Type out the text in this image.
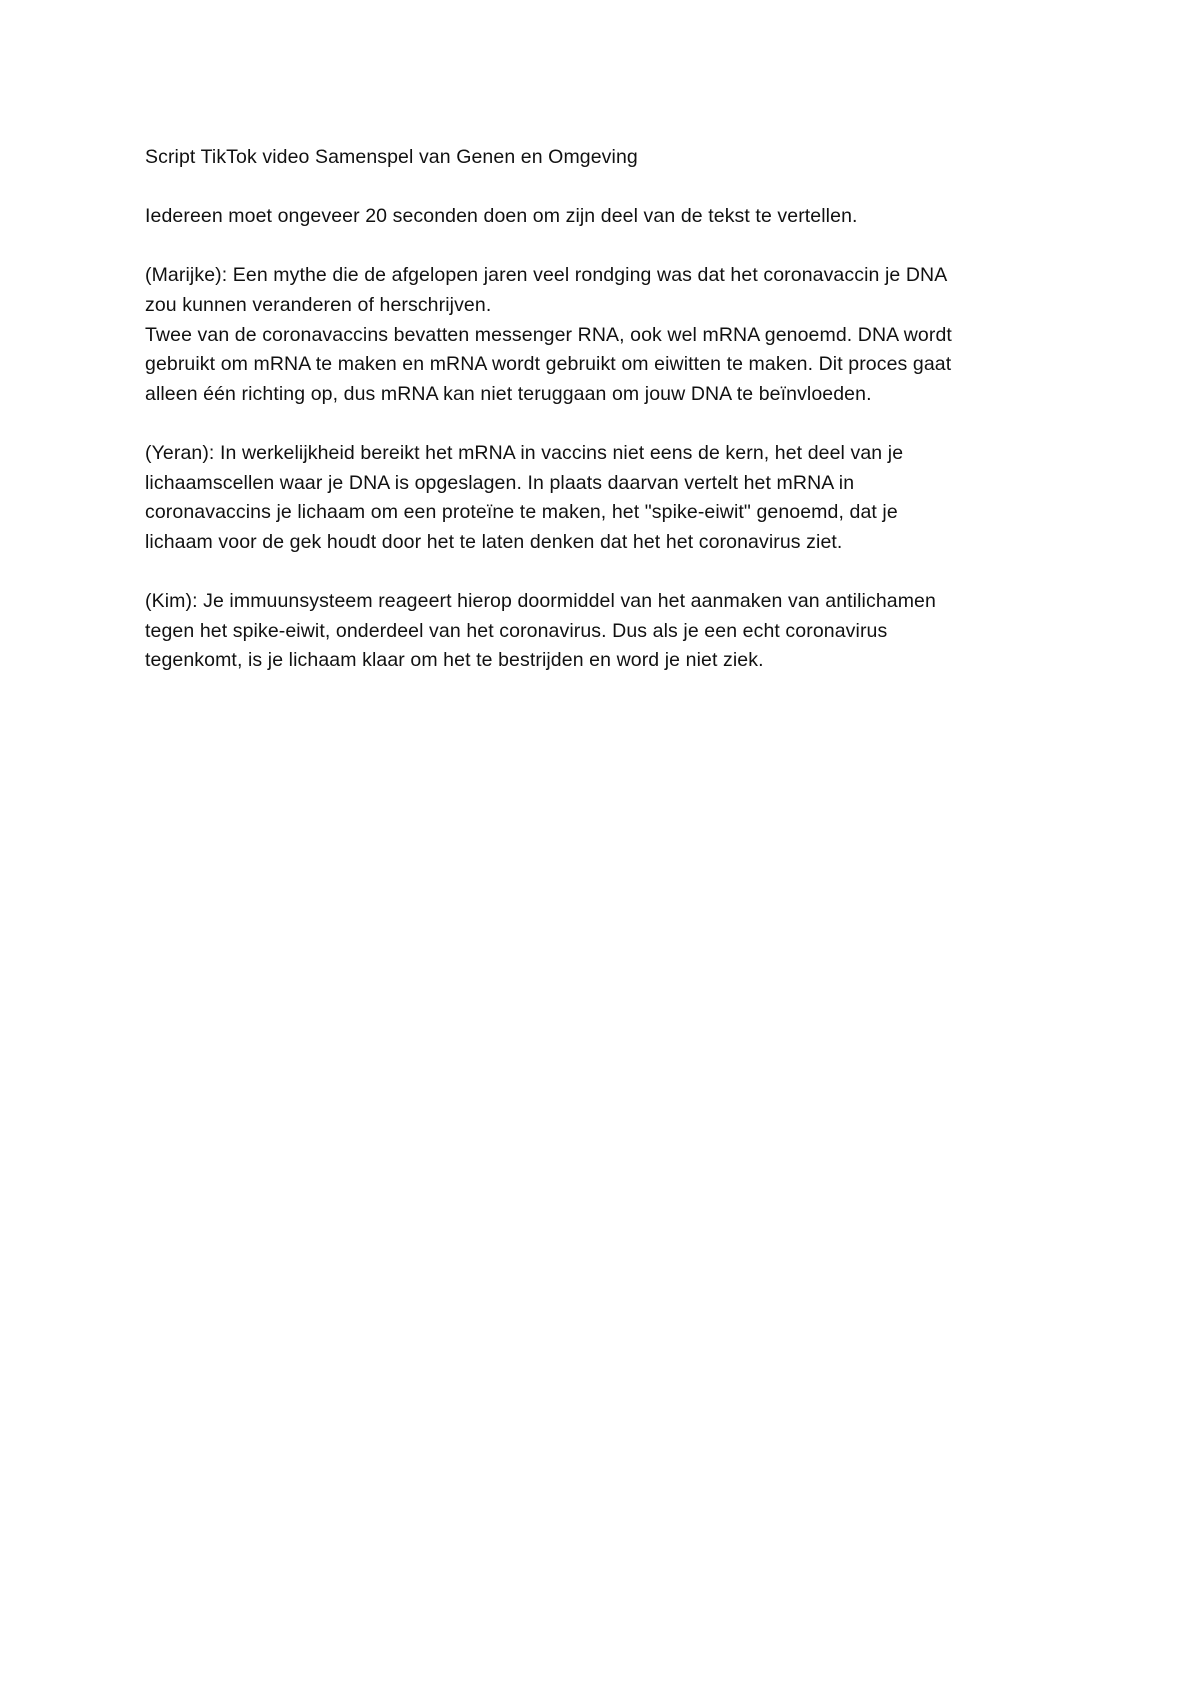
Script TikTok video Samenspel van Genen en Omgeving

Iedereen moet ongeveer 20 seconden doen om zijn deel van de tekst te vertellen.

(Marijke): Een mythe die de afgelopen jaren veel rondging was dat het coronavaccin je DNA
zou kunnen veranderen of herschrijven.
Twee van de coronavaccins bevatten messenger RNA, ook wel mRNA genoemd. DNA wordt
gebruikt om mRNA te maken en mRNA wordt gebruikt om eiwitten te maken. Dit proces gaat
alleen één richting op, dus mRNA kan niet teruggaan om jouw DNA te beïnvloeden.

(Yeran): In werkelijkheid bereikt het mRNA in vaccins niet eens de kern, het deel van je
lichaamscellen waar je DNA is opgeslagen. In plaats daarvan vertelt het mRNA in
coronavaccins je lichaam om een proteïne te maken, het "spike-eiwit" genoemd, dat je
lichaam voor de gek houdt door het te laten denken dat het het coronavirus ziet.

(Kim): Je immuunsysteem reageert hierop doormiddel van het aanmaken van antilichamen
tegen het spike-eiwit, onderdeel van het coronavirus. Dus als je een echt coronavirus
tegenkomt, is je lichaam klaar om het te bestrijden en word je niet ziek.
